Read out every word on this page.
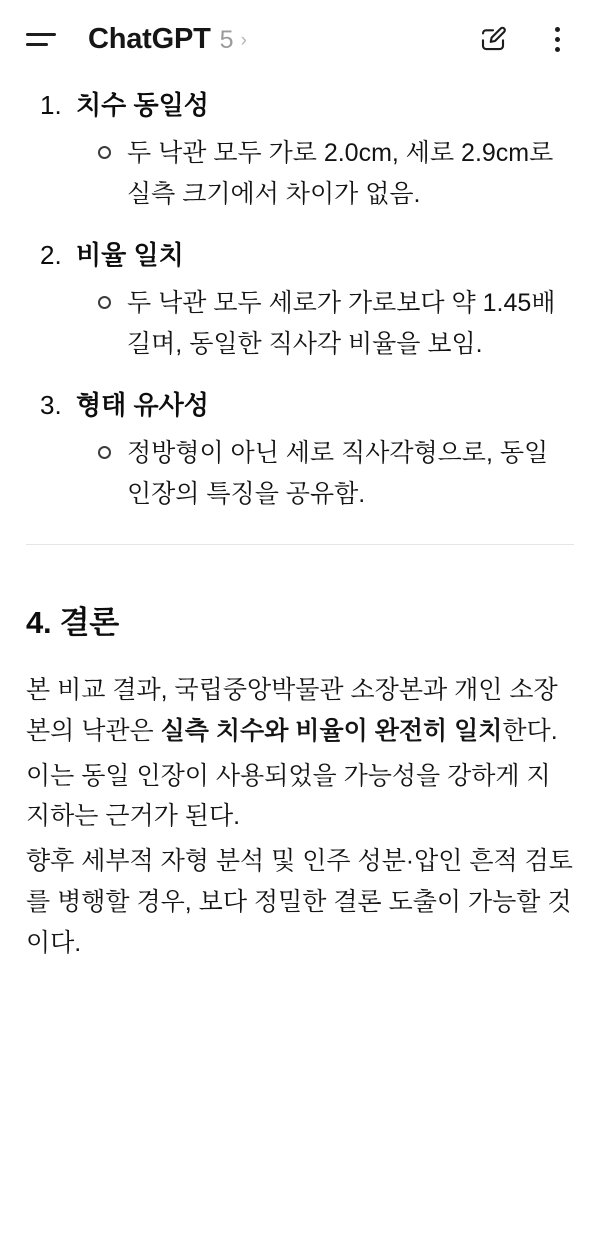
ChatGPT 5 ›
1. 치수 동일성
두 낙관 모두 가로 2.0cm, 세로 2.9cm로 실측 크기에서 차이가 없음.
2. 비율 일치
두 낙관 모두 세로가 가로보다 약 1.45배 길며, 동일한 직사각 비율을 보임.
3. 형태 유사성
정방형이 아닌 세로 직사각형으로, 동일 인장의 특징을 공유함.
4. 결론

본 비교 결과, 국립중앙박물관 소장본과 개인 소장본의 낙관은 실측 치수와 비율이 완전히 일치한다.

이는 동일 인장이 사용되었을 가능성을 강하게 지지하는 근거가 된다.

향후 세부적 자형 분석 및 인주 성분·압인 흔적 검토를 병행할 경우, 보다 정밀한 결론 도출이 가능할 것이다.
